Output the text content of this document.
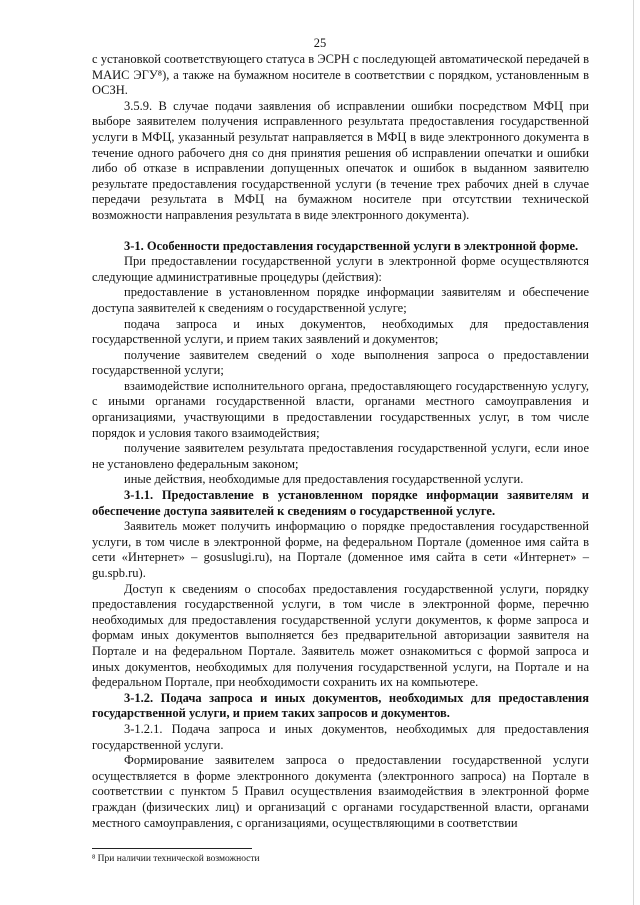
25

с установкой соответствующего статуса в ЭСРН с последующей автоматической передачей в МАИС ЭГУ⁸), а также на бумажном носителе в соответствии с порядком, установленным в ОСЗН.

3.5.9. В случае подачи заявления об исправлении ошибки посредством МФЦ при выборе заявителем получения исправленного результата предоставления государственной услуги в МФЦ, указанный результат направляется в МФЦ в виде электронного документа в течение одного рабочего дня со дня принятия решения об исправлении опечатки и ошибки либо об отказе в исправлении допущенных опечаток и ошибок в выданном заявителю результате предоставления государственной услуги (в течение трех рабочих дней в случае передачи результата в МФЦ на бумажном носителе при отсутствии технической возможности направления результата в виде электронного документа).

3-1. Особенности предоставления государственной услуги в электронной форме.

При предоставлении государственной услуги в электронной форме осуществляются следующие административные процедуры (действия):

предоставление в установленном порядке информации заявителям и обеспечение доступа заявителей к сведениям о государственной услуге;

подача запроса и иных документов, необходимых для предоставления государственной услуги, и прием таких заявлений и документов;

получение заявителем сведений о ходе выполнения запроса о предоставлении государственной услуги;

взаимодействие исполнительного органа, предоставляющего государственную услугу, с иными органами государственной власти, органами местного самоуправления и организациями, участвующими в предоставлении государственных услуг, в том числе порядок и условия такого взаимодействия;

получение заявителем результата предоставления государственной услуги, если иное не установлено федеральным законом;

иные действия, необходимые для предоставления государственной услуги.

3-1.1. Предоставление в установленном порядке информации заявителям и обеспечение доступа заявителей к сведениям о государственной услуге.

Заявитель может получить информацию о порядке предоставления государственной услуги, в том числе в электронной форме, на федеральном Портале (доменное имя сайта в сети «Интернет» – gosuslugi.ru), на Портале (доменное имя сайта в сети «Интернет» – gu.spb.ru).

Доступ к сведениям о способах предоставления государственной услуги, порядку предоставления государственной услуги, в том числе в электронной форме, перечню необходимых для предоставления государственной услуги документов, к форме запроса и формам иных документов выполняется без предварительной авторизации заявителя на Портале и на федеральном Портале. Заявитель может ознакомиться с формой запроса и иных документов, необходимых для получения государственной услуги, на Портале и на федеральном Портале, при необходимости сохранить их на компьютере.

3-1.2. Подача запроса и иных документов, необходимых для предоставления государственной услуги, и прием таких запросов и документов.

3-1.2.1. Подача запроса и иных документов, необходимых для предоставления государственной услуги.

Формирование заявителем запроса о предоставлении государственной услуги осуществляется в форме электронного документа (электронного запроса) на Портале в соответствии с пунктом 5 Правил осуществления взаимодействия в электронной форме граждан (физических лиц) и организаций с органами государственной власти, органами местного самоуправления, с организациями, осуществляющими в соответствии

⁸ При наличии технической возможности
